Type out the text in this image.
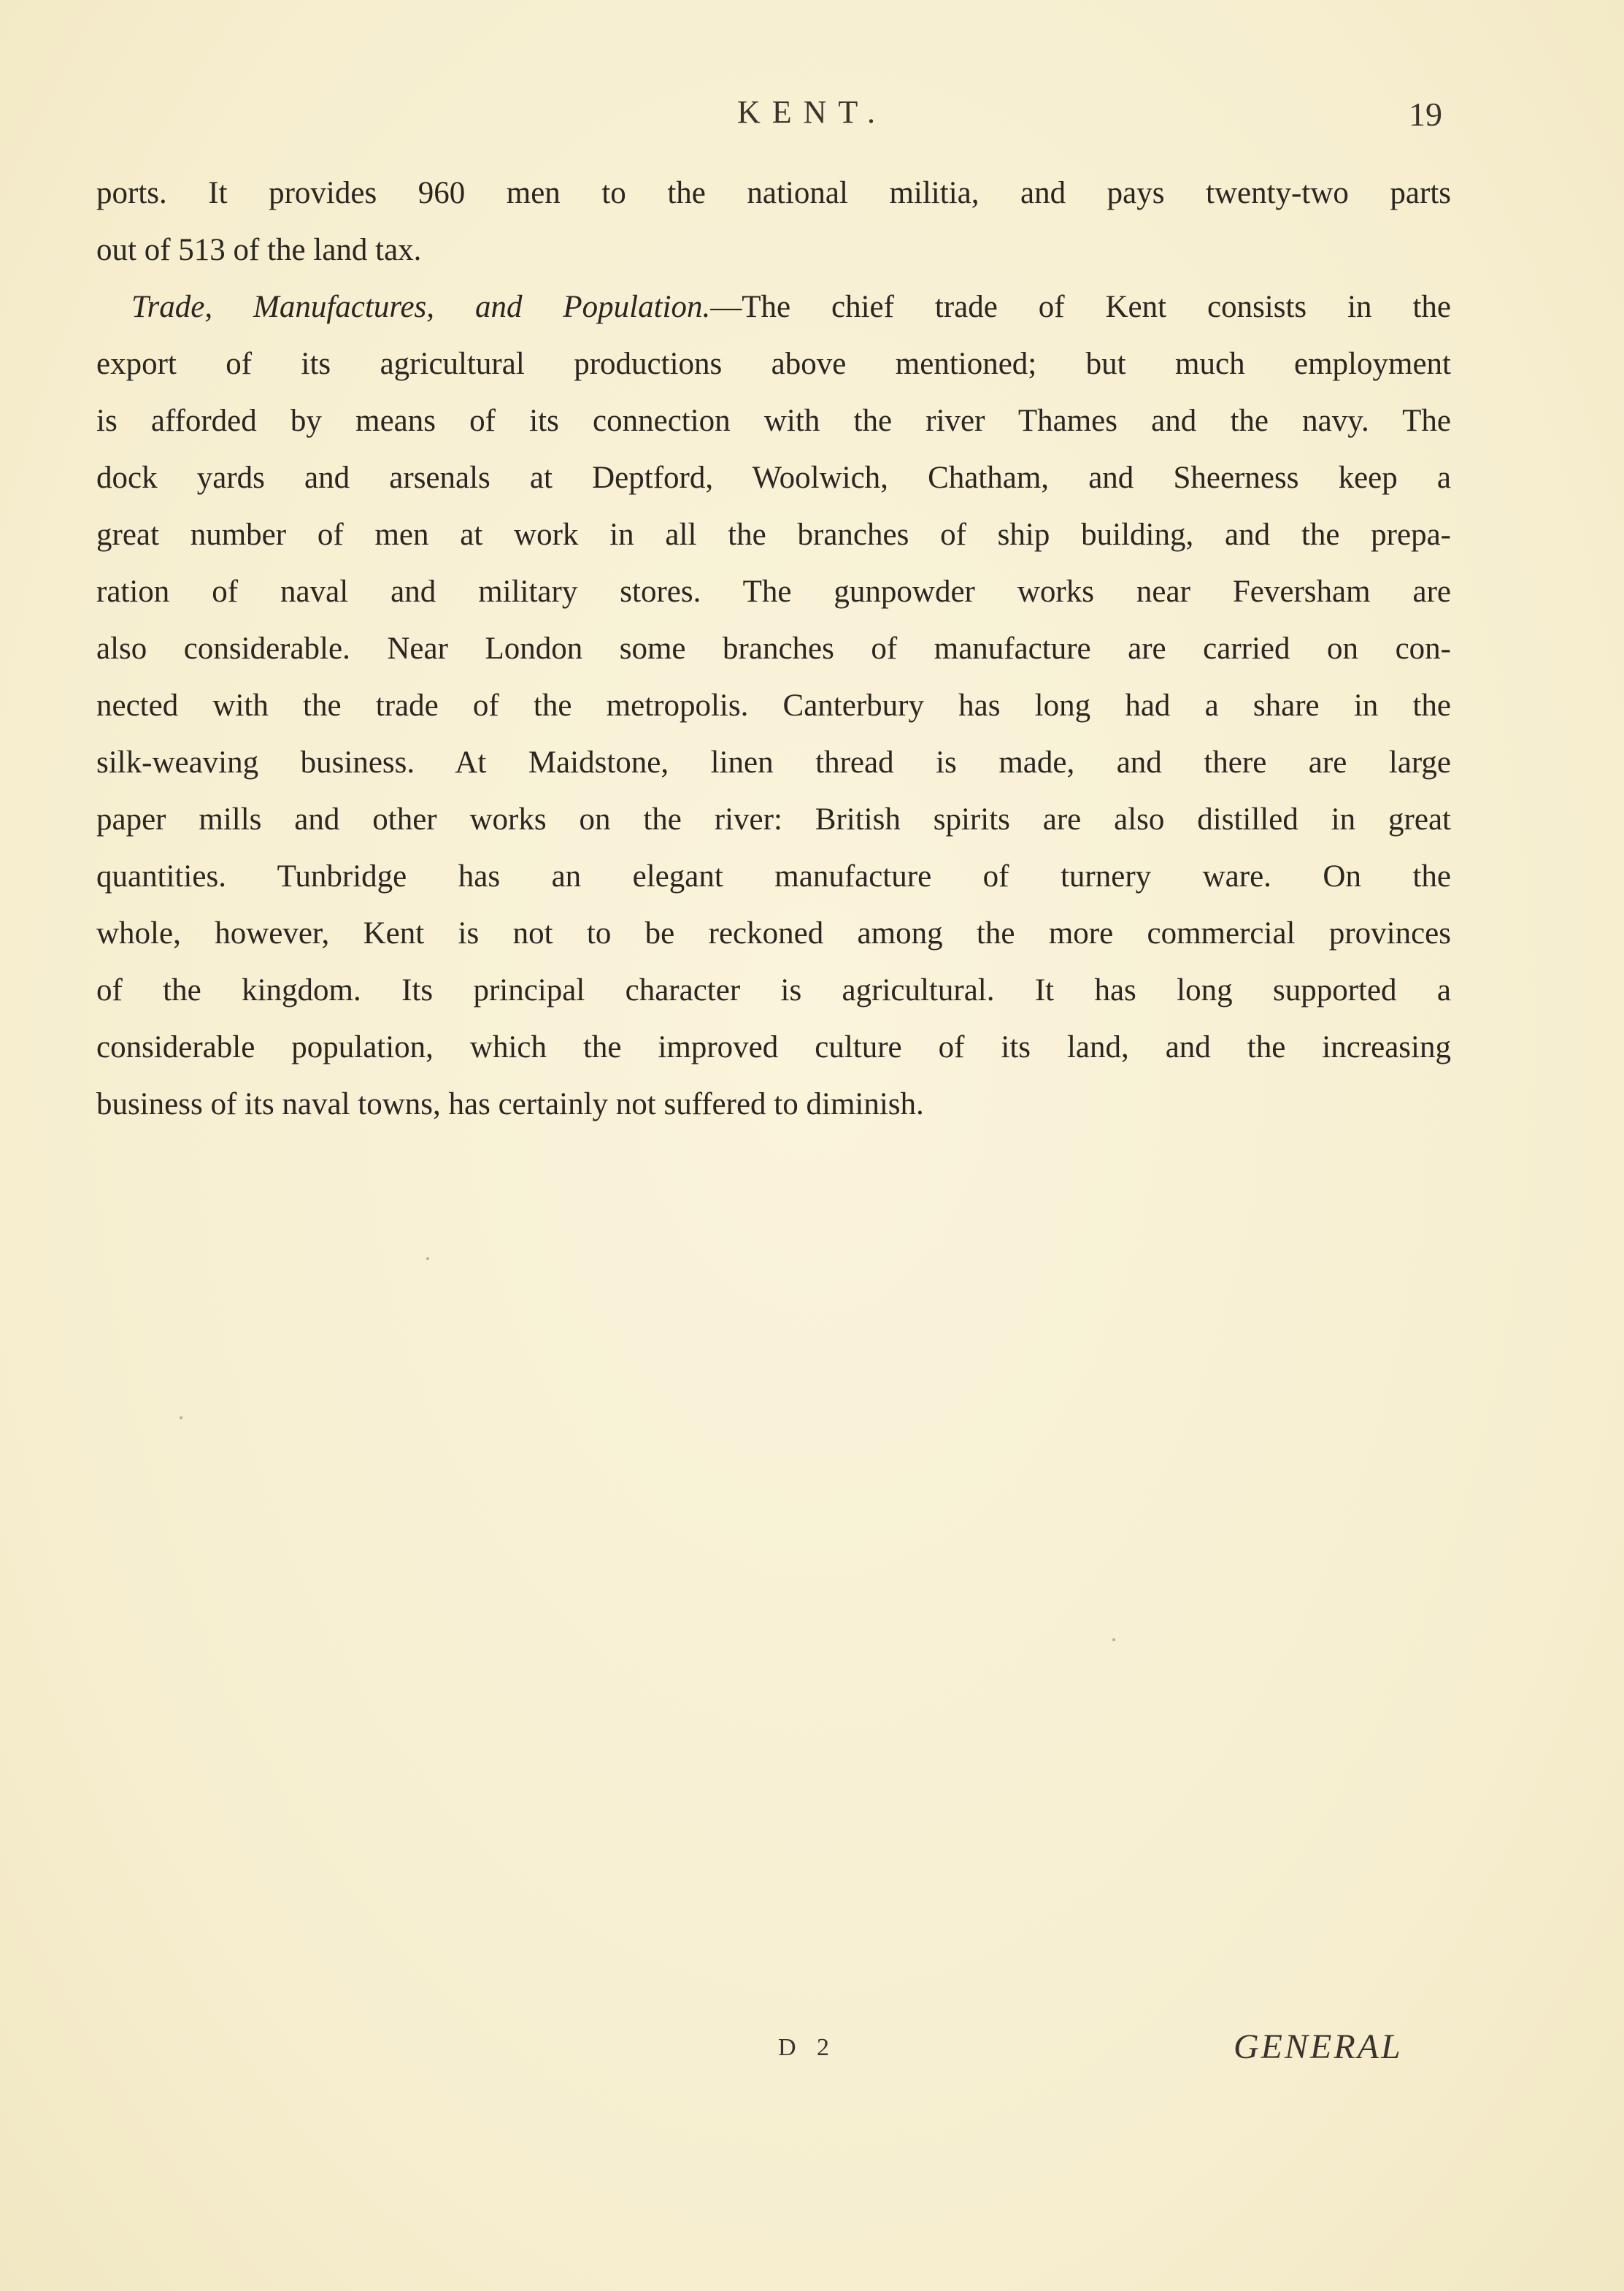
KENT.	19
ports. It provides 960 men to the national militia, and pays twenty-two parts
out of 513 of the land tax.
Trade, Manufactures, and Population.—The chief trade of Kent consists in the
export of its agricultural productions above mentioned; but much employment
is afforded by means of its connection with the river Thames and the navy. The
dock yards and arsenals at Deptford, Woolwich, Chatham, and Sheerness keep a
great number of men at work in all the branches of ship building, and the prepa-
ration of naval and military stores. The gunpowder works near Feversham are
also considerable. Near London some branches of manufacture are carried on con-
nected with the trade of the metropolis. Canterbury has long had a share in the
silk-weaving business. At Maidstone, linen thread is made, and there are large
paper mills and other works on the river: British spirits are also distilled in great
quantities. Tunbridge has an elegant manufacture of turnery ware. On the
whole, however, Kent is not to be reckoned among the more commercial provinces
of the kingdom. Its principal character is agricultural. It has long supported a
considerable population, which the improved culture of its land, and the increasing
business of its naval towns, has certainly not suffered to diminish.
D 2	GENERAL
